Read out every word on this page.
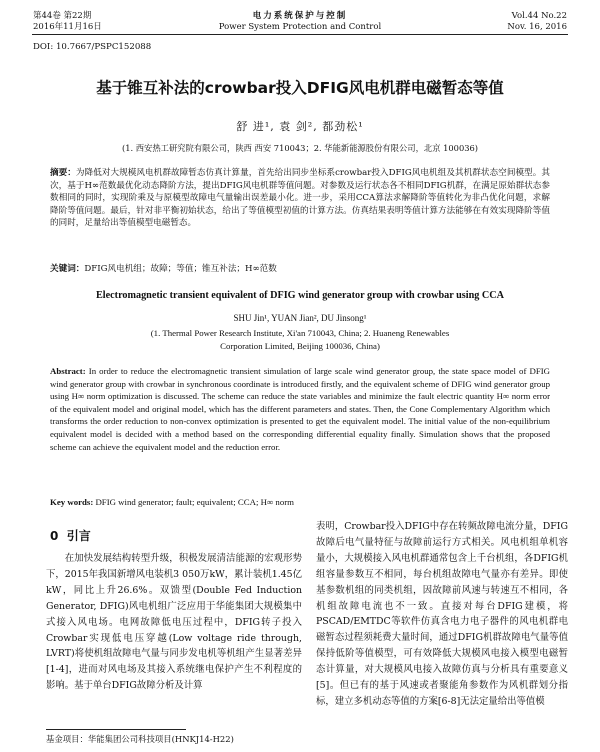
第44卷 第22期
2016年11月16日
电力系统保护与控制
Power System Protection and Control
Vol.44 No.22
Nov. 16, 2016
DOI: 10.7667/PSPC152088
基于锥互补法的crowbar投入DFIG风电机群电磁暂态等值
舒 进¹, 袁 剑², 都劲松¹
(1. 西安热工研究院有限公司，陕西 西安 710043；2. 华能新能源股份有限公司，北京 100036)
摘要：为降低对大规模风电机群故障暂态仿真计算量，首先给出同步坐标系crowbar投入DFIG风电机组及其机群状态空间模型。其次，基于H∞范数最优化动态降阶方法，提出DFIG风电机群等值问题。对参数及运行状态各不相同DFIG机群，在满足原始群状态参数相同的同时，实现阶乘及与原模型故障电气量输出误差最小化。进一步，采用CCA算法求解降阶等值转化为非凸优化问题，求解降阶等值问题。最后，针对非平衡初始状态，给出了等值模型初值的计算方法。仿真结果表明等值计算方法能够在有效实现降阶等值的同时，足量给出等值模型电磁暂态。
关键词：DFIG风电机组；故障；等值；锥互补法；H∞范数
Electromagnetic transient equivalent of DFIG wind generator group with crowbar using CCA
SHU Jin¹, YUAN Jian², DU Jinsong¹
(1. Thermal Power Research Institute, Xi'an 710043, China; 2. Huaneng Renewables
Corporation Limited, Beijing 100036, China)
Abstract: In order to reduce the electromagnetic transient simulation of large scale wind generator group, the state space model of DFIG wind generator group with crowbar in synchronous coordinate is introduced firstly, and the equivalent scheme of DFIG wind generator group using H∞ norm optimization is discussed. The scheme can reduce the state variables and minimize the fault electric quantity H∞ norm error of the equivalent model and original model, which has the different parameters and states. Then, the Cone Complementary Algorithm which transforms the order reduction to non-convex optimization is presented to get the equivalent model. The initial value of the non-equilibrium equivalent model is decided with a method based on the corresponding differential equality finally. Simulation shows that the proposed scheme can achieve the equivalent model and the reduction error.
Key words: DFIG wind generator; fault; equivalent; CCA; H∞ norm
0  引言
在加快发展结构转型升级，积极发展清洁能源的宏观形势下，2015年我国新增风电装机3 050万kW，累计装机1.45亿kW，同比上升26.6%。双馈型(Double Fed Induction Generator, DFIG)风电机组广泛应用于华能集团大规模集中式接入风电场。电网故障低电压过程中，DFIG转子投入Crowbar实现低电压穿越(Low voltage ride through, LVRT)将使机组故障电气量与同步发电机等机组产生显著差异[1-4]，进而对风电场及其接入系统继电保护产生不利程度的影响。基于单台DFIG故障分析及计算
表明，Crowbar投入DFIG中存在转频故障电流分量，DFIG故障后电气量特征与故障前运行方式相关。风电机组单机容量小，大规模接入风电机群通常包含上千台机组，各DFIG机组容量参数互不相同，每台机组故障电气量亦有差异。即使基参数机组的同类机组，因故障前风速与转速互不相同，各机组故障电流也不一致。直接对每台DFIG建模，将PSCAD/EMTDC等软件仿真含电力电子器件的风电机群电磁暂态过程须耗费大量时间，通过DFIG机群故障电气量等值保持低阶等值模型，可有效降低大规模风电接入模型电磁暂态计算量，对大规模风电接入故障仿真与分析具有重要意义[5]。但已有的基于风速或者聚能角参数作为风机群划分指标，建立多机动态等值的方案[6-8]无法定量给出等值模
基金项目：华能集团公司科技项目(HNKJ14-H22)
